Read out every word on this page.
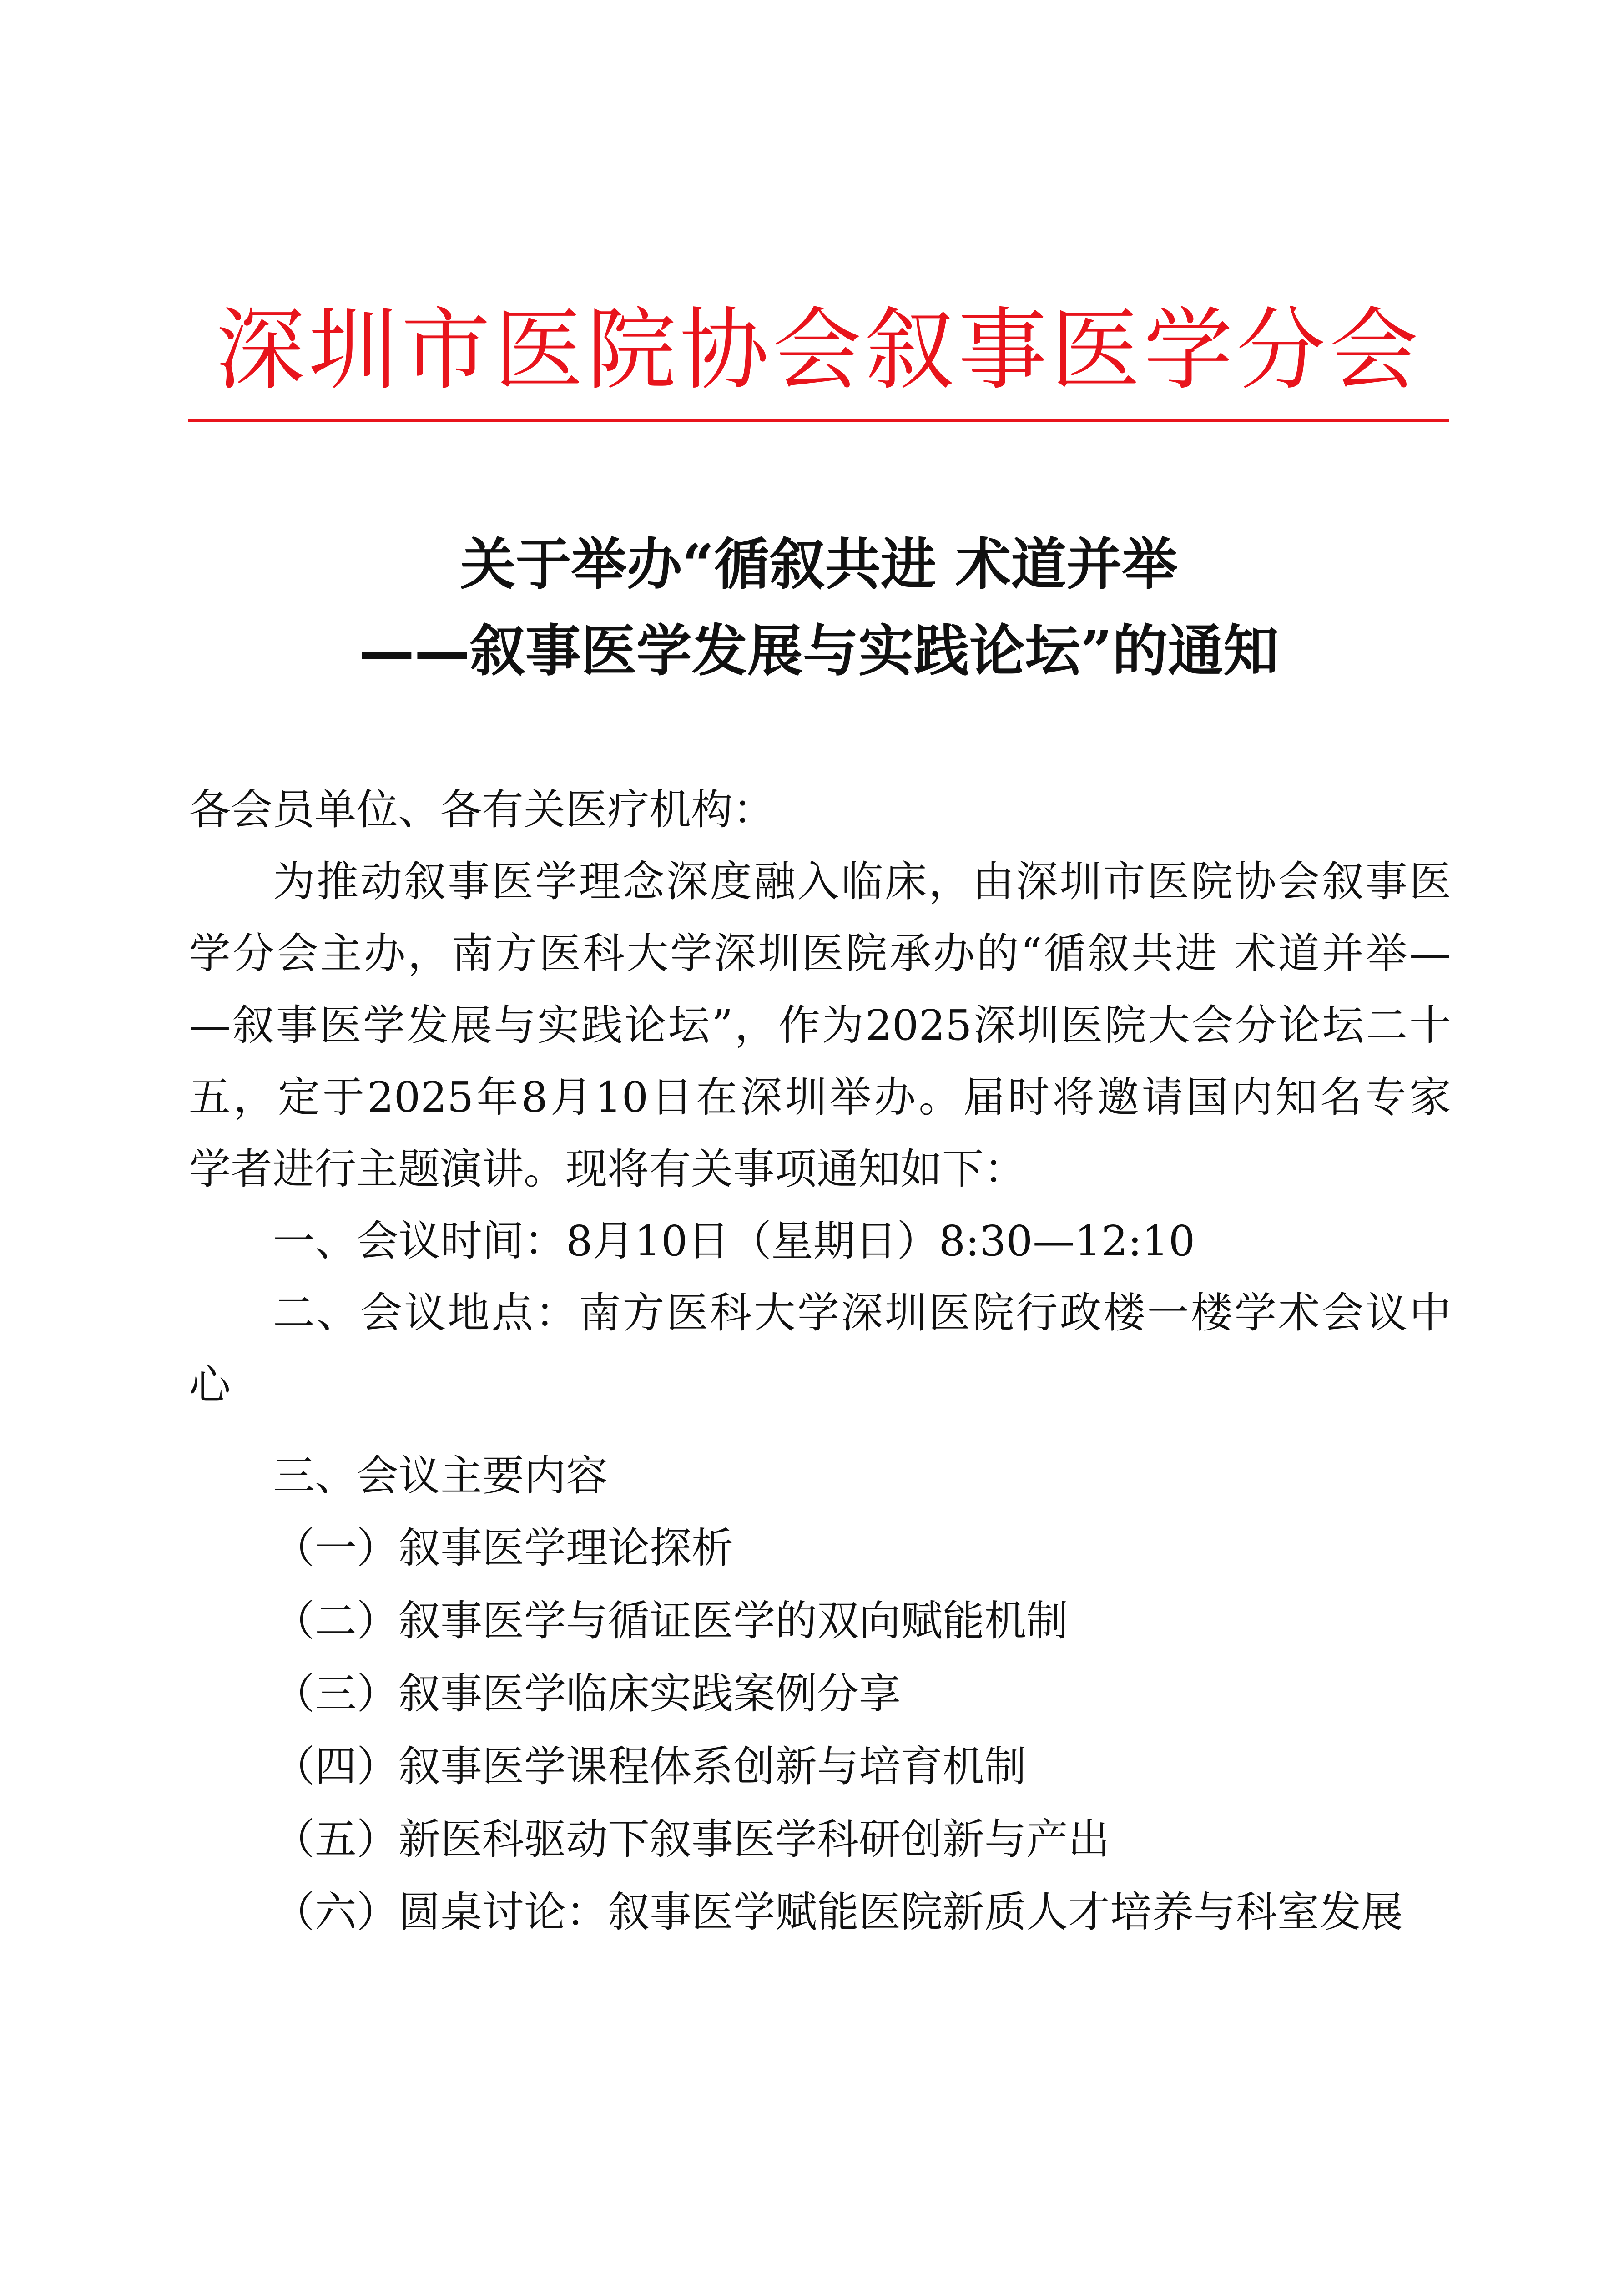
深圳市医院协会叙事医学分会
关于举办“循叙共进 术道并举
——叙事医学发展与实践论坛”的通知
各会员单位、各有关医疗机构：
为推动叙事医学理念深度融入临床，由深圳市医院协会叙事医
学分会主办，南方医科大学深圳医院承办的“循叙共进 术道并举—
—叙事医学发展与实践论坛”，作为2025深圳医院大会分论坛二十
五，定于2025年8月10日在深圳举办。届时将邀请国内知名专家
学者进行主题演讲。现将有关事项通知如下：
一、会议时间：8月10日（星期日）8:30—12:10
二、会议地点：南方医科大学深圳医院行政楼一楼学术会议中
心
三、会议主要内容
（一）叙事医学理论探析
（二）叙事医学与循证医学的双向赋能机制
（三）叙事医学临床实践案例分享
（四）叙事医学课程体系创新与培育机制
（五）新医科驱动下叙事医学科研创新与产出
（六）圆桌讨论：叙事医学赋能医院新质人才培养与科室发展
